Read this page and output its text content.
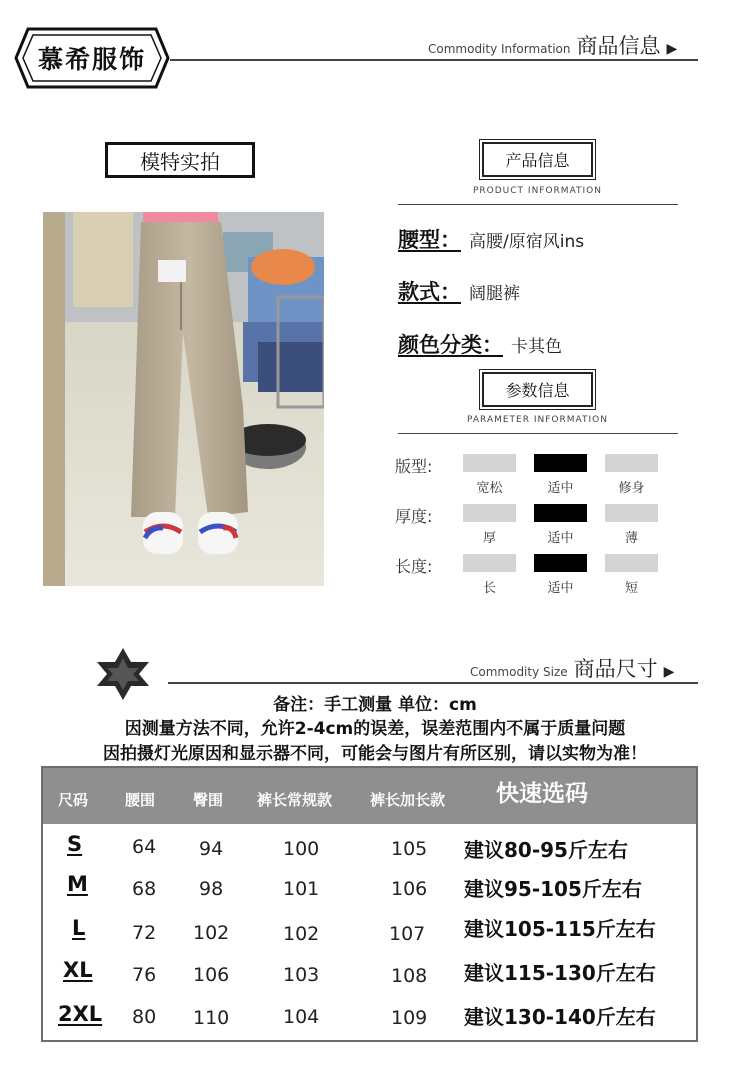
慕希服饰	Commodity Information 商品信息 ▶
模特实拍	产品信息
PRODUCT INFORMATION
腰型： 高腰/原宿风ins
款式： 阔腿裤
颜色分类： 卡其色
参数信息
PARAMETER INFORMATION
版型:
宽松	适中	修身
厚度:
厚	适中	薄
长度:
长	适中	短
Commodity Size 商品尺寸 ▶
备注：手工测量 单位：cm
因测量方法不同，允许2-4cm的误差，误差范围内不属于质量问题
因拍摄灯光原因和显示器不同，可能会与图片有所区别，请以实物为准！
尺码 腰围	臀围 裤长常规款	裤长加长款 快速选码
S	64 94	100	105 建议80-95斤左右
M 68 98	101	106 建议95-105斤左右
L 72 102	102	107 建议105-115斤左右
XL 76 106	103	108 建议115-130斤左右
2XL 80 110	104	109 建议130-140斤左右
